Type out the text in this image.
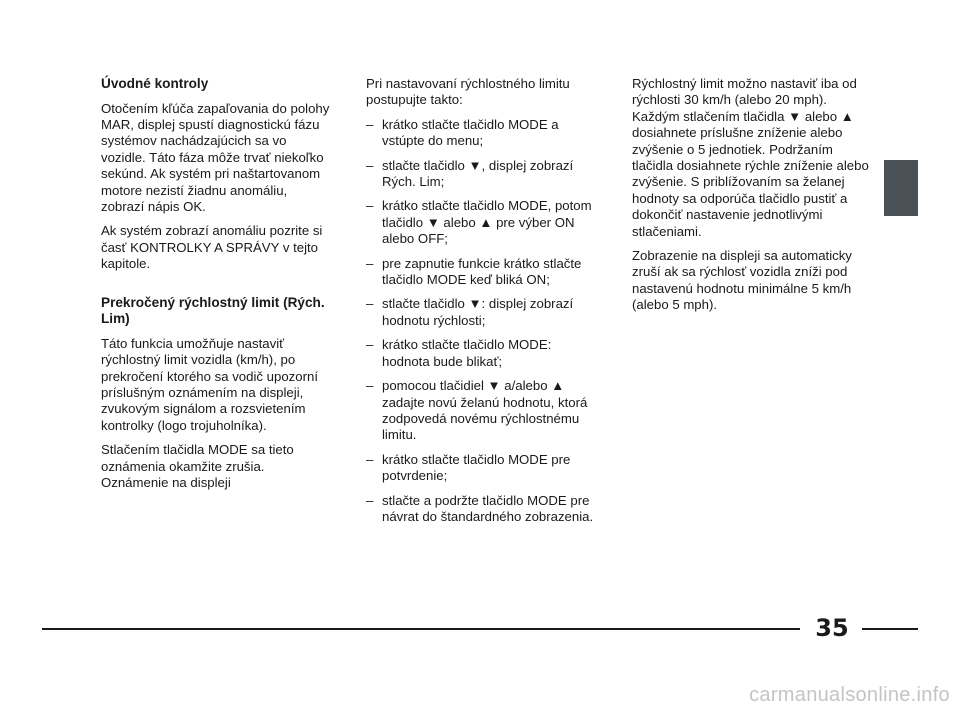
Úvodné kontroly

Otočením kľúča zapaľovania do polohy MAR, displej spustí diagnostickú fázu systémov nachádzajúcich sa vo vozidle. Táto fáza môže trvať niekoľko sekúnd. Ak systém pri naštartovanom motore nezistí žiadnu anomáliu, zobrazí nápis OK.

Ak systém zobrazí anomáliu pozrite si časť KONTROLKY A SPRÁVY v tejto kapitole.

Prekročený rýchlostný limit (Rých. Lim)

Táto funkcia umožňuje nastaviť rýchlostný limit vozidla (km/h), po prekročení ktorého sa vodič upozorní príslušným oznámením na displeji, zvukovým signálom a rozsvietením kontrolky (logo trojuholníka).

Stlačením tlačidla MODE sa tieto oznámenia okamžite zrušia. Oznámenie na displeji

Pri nastavovaní rýchlostného limitu postupujte takto:

– krátko stlačte tlačidlo MODE a vstúpte do menu;
– stlačte tlačidlo ▼, displej zobrazí Rých. Lim;
– krátko stlačte tlačidlo MODE, potom tlačidlo ▼ alebo ▲ pre výber ON alebo OFF;
– pre zapnutie funkcie krátko stlačte tlačidlo MODE keď bliká ON;
– stlačte tlačidlo ▼: displej zobrazí hodnotu rýchlosti;
– krátko stlačte tlačidlo MODE: hodnota bude blikať;
– pomocou tlačidiel ▼ a/alebo ▲ zadajte novú želanú hodnotu, ktorá zodpovedá novému rýchlostnému limitu.
– krátko stlačte tlačidlo MODE pre potvrdenie;
– stlačte a podržte tlačidlo MODE pre návrat do štandardného zobrazenia.

Rýchlostný limit možno nastaviť iba od rýchlosti 30 km/h (alebo 20 mph). Každým stlačením tlačidla ▼ alebo ▲ dosiahnete príslušne zníženie alebo zvýšenie o 5 jednotiek. Podržaním tlačidla dosiahnete rýchle zníženie alebo zvýšenie. S priblížovaním sa želanej hodnoty sa odporúča tlačidlo pustiť a dokončiť nastavenie jednotlivými stlačeniami.

Zobrazenie na displeji sa automaticky zruší ak sa rýchlosť vozidla zníži pod nastavenú hodnotu minimálne 5 km/h (alebo 5 mph).

35
carmanualsonline.info
